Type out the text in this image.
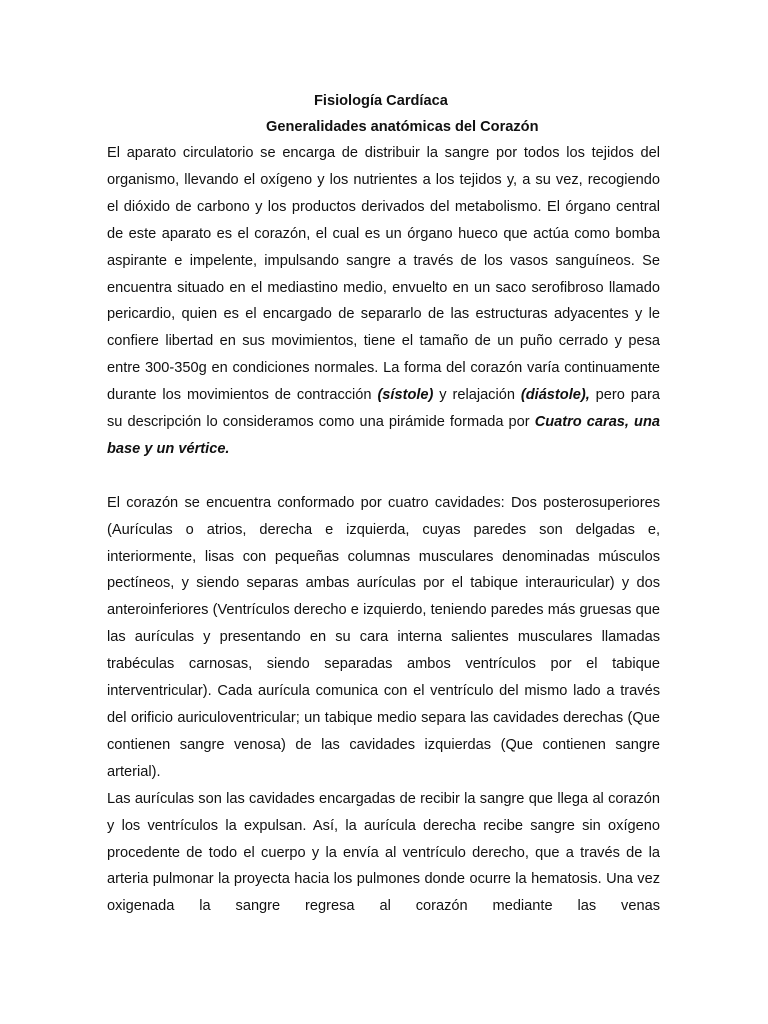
Fisiología Cardíaca
Generalidades anatómicas del Corazón

El aparato circulatorio se encarga de distribuir la sangre por todos los tejidos del organismo, llevando el oxígeno y los nutrientes a los tejidos y, a su vez, recogiendo el dióxido de carbono y los productos derivados del metabolismo. El órgano central de este aparato es el corazón, el cual es un órgano hueco que actúa como bomba aspirante e impelente, impulsando sangre a través de los vasos sanguíneos. Se encuentra situado en el mediastino medio, envuelto en un saco serofibroso llamado pericardio, quien es el encargado de separarlo de las estructuras adyacentes y le confiere libertad en sus movimientos, tiene el tamaño de un puño cerrado y pesa entre 300-350g en condiciones normales. La forma del corazón varía continuamente durante los movimientos de contracción (sístole) y relajación (diástole), pero para su descripción lo consideramos como una pirámide formada por Cuatro caras, una base y un vértice.

El corazón se encuentra conformado por cuatro cavidades: Dos posterosuperiores (Aurículas o atrios, derecha e izquierda, cuyas paredes son delgadas e, interiormente, lisas con pequeñas columnas musculares denominadas músculos pectíneos, y siendo separas ambas aurículas por el tabique interauricular) y dos anteroinferiores (Ventrículos derecho e izquierdo, teniendo paredes más gruesas que las aurículas y presentando en su cara interna salientes musculares llamadas trabéculas carnosas, siendo separadas ambos ventrículos por el tabique interventricular). Cada aurícula comunica con el ventrículo del mismo lado a través del orificio auriculoventricular; un tabique medio separa las cavidades derechas (Que contienen sangre venosa) de las cavidades izquierdas (Que contienen sangre arterial).

Las aurículas son las cavidades encargadas de recibir la sangre que llega al corazón y los ventrículos la expulsan. Así, la aurícula derecha recibe sangre sin oxígeno procedente de todo el cuerpo y la envía al ventrículo derecho, que a través de la arteria pulmonar la proyecta hacia los pulmones donde ocurre la hematosis. Una vez oxigenada la sangre regresa al corazón mediante las venas
